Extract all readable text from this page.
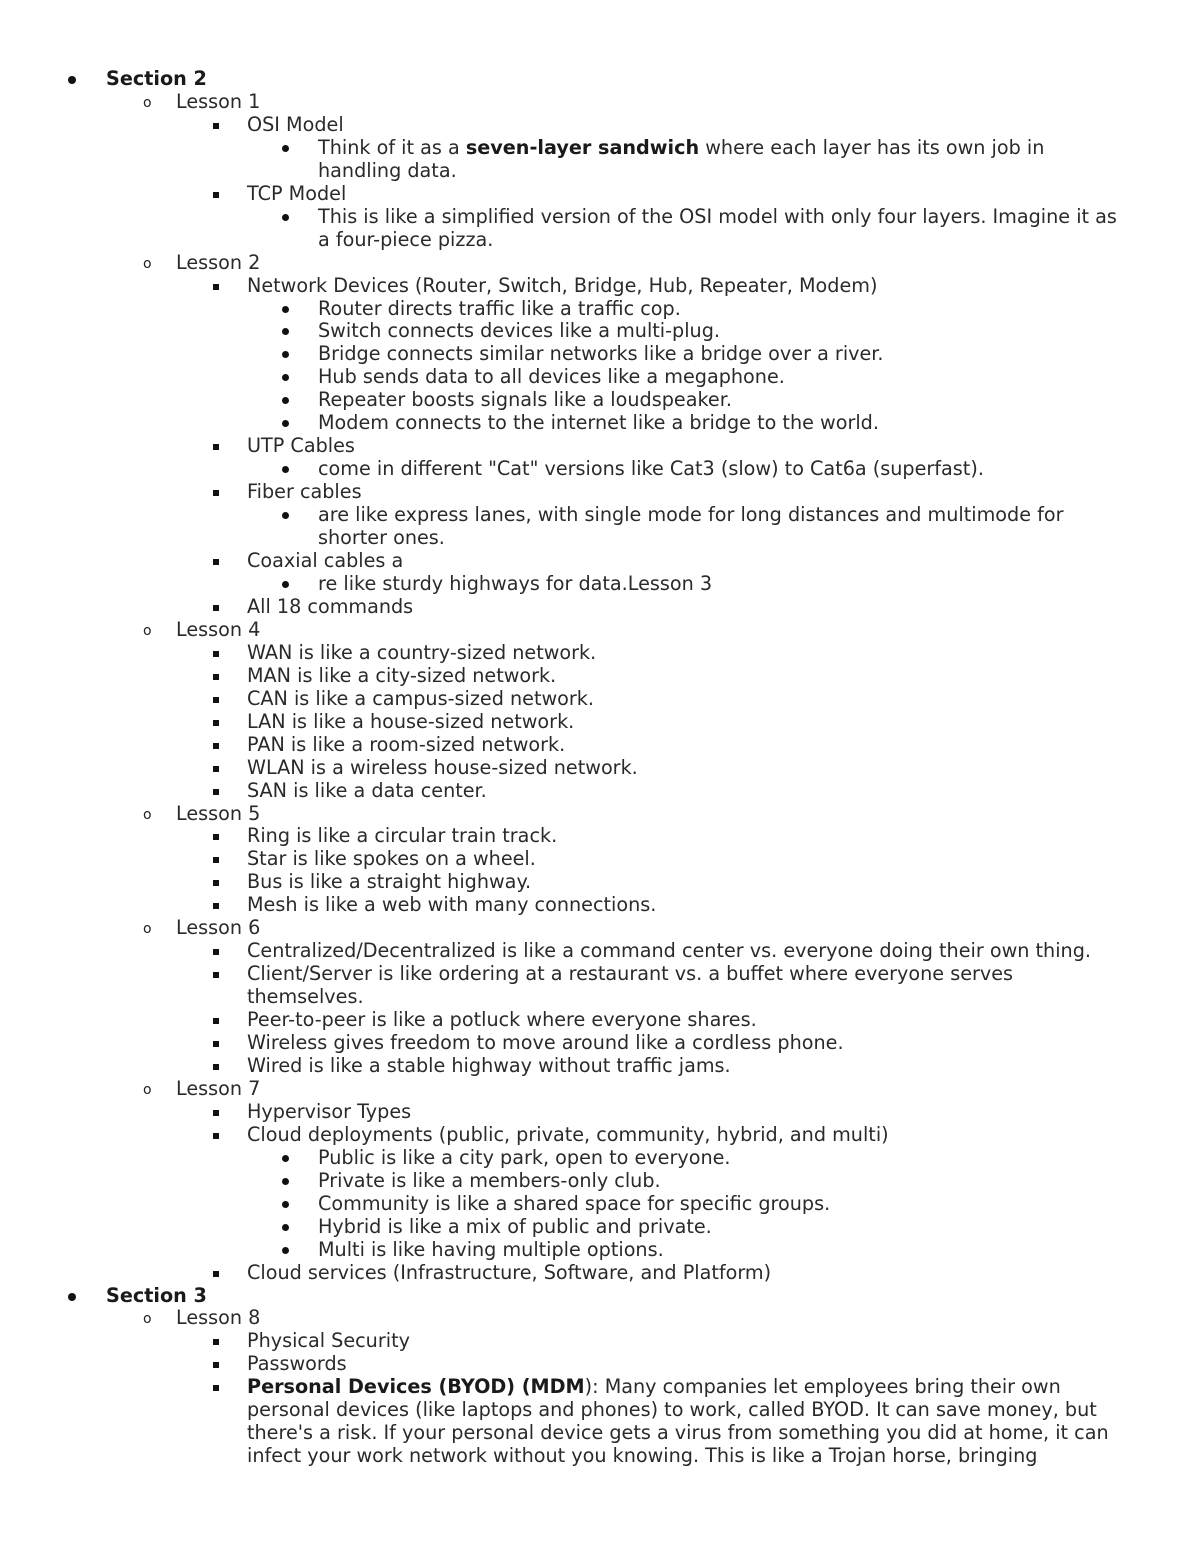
Section 2
o Lesson 1
OSI Model
Think of it as a seven-layer sandwich where each layer has its own job in handling data.
TCP Model
This is like a simplified version of the OSI model with only four layers. Imagine it as a four-piece pizza.
o Lesson 2
Network Devices (Router, Switch, Bridge, Hub, Repeater, Modem)
Router directs traffic like a traffic cop.
Switch connects devices like a multi-plug.
Bridge connects similar networks like a bridge over a river.
Hub sends data to all devices like a megaphone.
Repeater boosts signals like a loudspeaker.
Modem connects to the internet like a bridge to the world.
UTP Cables
come in different "Cat" versions like Cat3 (slow) to Cat6a (superfast).
Fiber cables
are like express lanes, with single mode for long distances and multimode for shorter ones.
Coaxial cables a
re like sturdy highways for data.Lesson 3
All 18 commands
o Lesson 4
WAN is like a country-sized network.
MAN is like a city-sized network.
CAN is like a campus-sized network.
LAN is like a house-sized network.
PAN is like a room-sized network.
WLAN is a wireless house-sized network.
SAN is like a data center.
o Lesson 5
Ring is like a circular train track.
Star is like spokes on a wheel.
Bus is like a straight highway.
Mesh is like a web with many connections.
o Lesson 6
Centralized/Decentralized is like a command center vs. everyone doing their own thing.
Client/Server is like ordering at a restaurant vs. a buffet where everyone serves themselves.
Peer-to-peer is like a potluck where everyone shares.
Wireless gives freedom to move around like a cordless phone.
Wired is like a stable highway without traffic jams.
o Lesson 7
Hypervisor Types
Cloud deployments (public, private, community, hybrid, and multi)
Public is like a city park, open to everyone.
Private is like a members-only club.
Community is like a shared space for specific groups.
Hybrid is like a mix of public and private.
Multi is like having multiple options.
Cloud services (Infrastructure, Software, and Platform)
Section 3
o Lesson 8
Physical Security
Passwords
Personal Devices (BYOD) (MDM): Many companies let employees bring their own personal devices (like laptops and phones) to work, called BYOD. It can save money, but there's a risk. If your personal device gets a virus from something you did at home, it can infect your work network without you knowing. This is like a Trojan horse, bringing
